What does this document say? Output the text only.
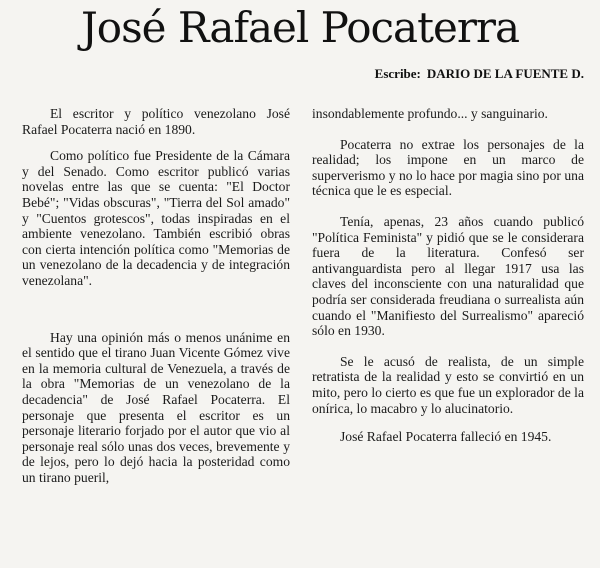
José Rafael Pocaterra
Escribe: DARIO DE LA FUENTE D.

El escritor y político venezolano José Rafael Pocaterra nació en 1890.

Como político fue Presidente de la Cámara y del Senado. Como escritor publicó varias novelas entre las que se cuenta: "El Doctor Bebé"; "Vidas obscuras", "Tierra del Sol amado" y "Cuentos grotescos", todas inspiradas en el ambiente venezolano. También escribió obras con cierta intención política como "Memorias de un venezolano de la decadencia y de integración venezolana".

Hay una opinión más o menos unánime en el sentido que el tirano Juan Vicente Gómez vive en la memoria cultural de Venezuela, a través de la obra "Memorias de un venezolano de la decadencia" de José Rafael Pocaterra. El personaje que presenta el escritor es un personaje literario forjado por el autor que vio al personaje real sólo unas dos veces, brevemente y de lejos, pero lo dejó hacia la posteridad como un tirano pueril,

insondablemente profundo... y sanguinario.

Pocaterra no extrae los personajes de la realidad; los impone en un marco de superverismo y no lo hace por magia sino por una técnica que le es especial.

Tenía, apenas, 23 años cuando publicó "Política Feminista" y pidió que se le considerara fuera de la literatura. Confesó ser antivanguardista pero al llegar 1917 usa las claves del inconsciente con una naturalidad que podría ser considerada freudiana o surrealista aún cuando el "Manifiesto del Surrealismo" apareció sólo en 1930.

Se le acusó de realista, de un simple retratista de la realidad y esto se convirtió en un mito, pero lo cierto es que fue un explorador de la onírica, lo macabro y lo alucinatorio.

José Rafael Pocaterra falleció en 1945.
